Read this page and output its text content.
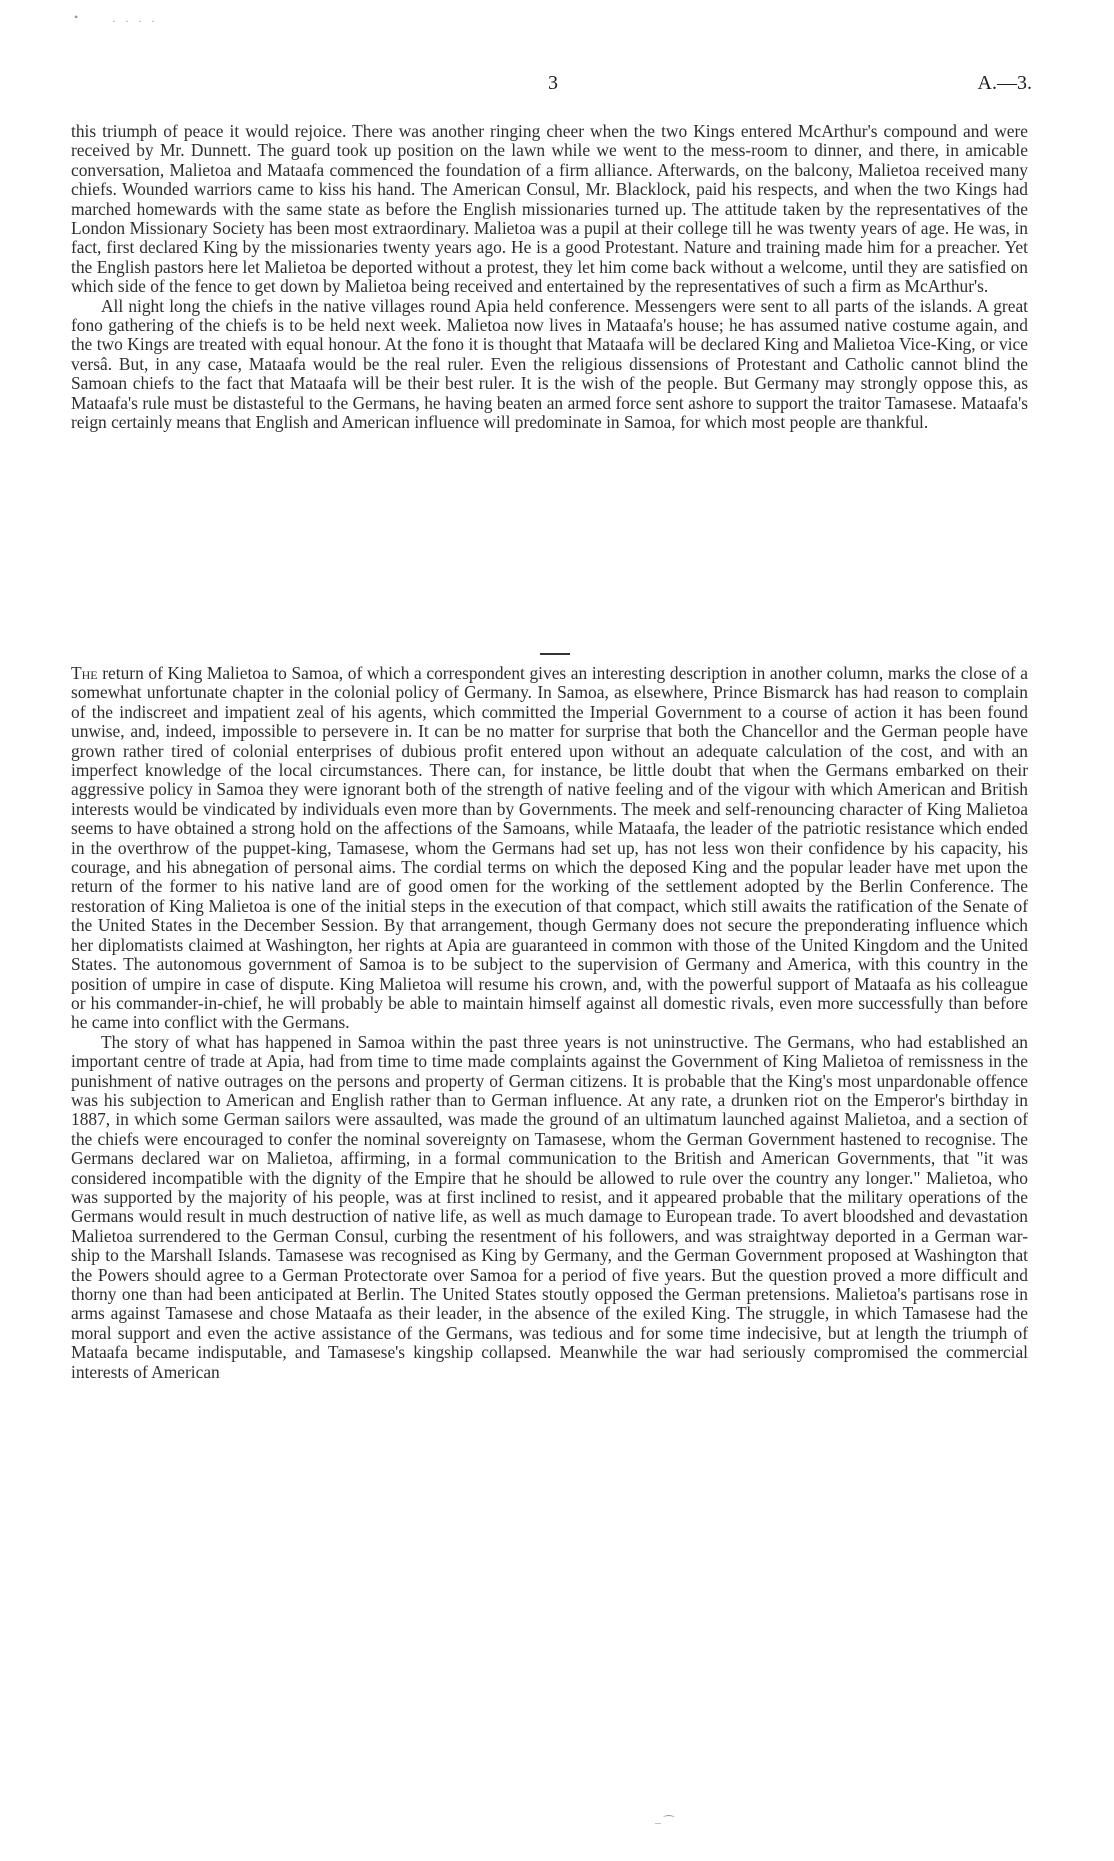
•	· · · ·
3	A.—3.

this triumph of peace it would rejoice. There was another ringing cheer when the two Kings entered McArthur's compound and were received by Mr. Dunnett. The guard took up position on the lawn while we went to the mess-room to dinner, and there, in amicable conversation, Malietoa and Mataafa commenced the foundation of a firm alliance. Afterwards, on the balcony, Malietoa received many chiefs. Wounded warriors came to kiss his hand. The American Consul, Mr. Blacklock, paid his respects, and when the two Kings had marched homewards with the same state as before the English missionaries turned up. The attitude taken by the representatives of the London Missionary Society has been most extraordinary. Malietoa was a pupil at their college till he was twenty years of age. He was, in fact, first declared King by the missionaries twenty years ago. He is a good Protestant. Nature and training made him for a preacher. Yet the English pastors here let Malietoa be deported without a protest, they let him come back without a welcome, until they are satisfied on which side of the fence to get down by Malietoa being received and entertained by the representatives of such a firm as McArthur's.

All night long the chiefs in the native villages round Apia held conference. Messengers were sent to all parts of the islands. A great fono gathering of the chiefs is to be held next week. Malietoa now lives in Mataafa's house; he has assumed native costume again, and the two Kings are treated with equal honour. At the fono it is thought that Mataafa will be declared King and Malietoa Vice-King, or vice versâ. But, in any case, Mataafa would be the real ruler. Even the religious dissensions of Protestant and Catholic cannot blind the Samoan chiefs to the fact that Mataafa will be their best ruler. It is the wish of the people. But Germany may strongly oppose this, as Mataafa's rule must be distasteful to the Germans, he having beaten an armed force sent ashore to support the traitor Tamasese. Mataafa's reign certainly means that English and American influence will predominate in Samoa, for which most people are thankful.

The return of King Malietoa to Samoa, of which a correspondent gives an interesting description in another column, marks the close of a somewhat unfortunate chapter in the colonial policy of Germany. In Samoa, as elsewhere, Prince Bismarck has had reason to complain of the indiscreet and impatient zeal of his agents, which committed the Imperial Government to a course of action it has been found unwise, and, indeed, impossible to persevere in. It can be no matter for surprise that both the Chancellor and the German people have grown rather tired of colonial enterprises of dubious profit entered upon without an adequate calculation of the cost, and with an imperfect knowledge of the local circumstances. There can, for instance, be little doubt that when the Germans embarked on their aggressive policy in Samoa they were ignorant both of the strength of native feeling and of the vigour with which American and British interests would be vindicated by individuals even more than by Governments. The meek and self-renouncing character of King Malietoa seems to have obtained a strong hold on the affections of the Samoans, while Mataafa, the leader of the patriotic resistance which ended in the overthrow of the puppet-king, Tamasese, whom the Germans had set up, has not less won their confidence by his capacity, his courage, and his abnegation of personal aims. The cordial terms on which the deposed King and the popular leader have met upon the return of the former to his native land are of good omen for the working of the settlement adopted by the Berlin Conference. The restoration of King Malietoa is one of the initial steps in the execution of that compact, which still awaits the ratification of the Senate of the United States in the December Session. By that arrangement, though Germany does not secure the preponderating influence which her diplomatists claimed at Washington, her rights at Apia are guaranteed in common with those of the United Kingdom and the United States. The autonomous government of Samoa is to be subject to the supervision of Germany and America, with this country in the position of umpire in case of dispute. King Malietoa will resume his crown, and, with the powerful support of Mataafa as his colleague or his commander-in-chief, he will probably be able to maintain himself against all domestic rivals, even more successfully than before he came into conflict with the Germans.

The story of what has happened in Samoa within the past three years is not uninstructive. The Germans, who had established an important centre of trade at Apia, had from time to time made complaints against the Government of King Malietoa of remissness in the punishment of native outrages on the persons and property of German citizens. It is probable that the King's most unpardonable offence was his subjection to American and English rather than to German influence. At any rate, a drunken riot on the Emperor's birthday in 1887, in which some German sailors were assaulted, was made the ground of an ultimatum launched against Malietoa, and a section of the chiefs were encouraged to confer the nominal sovereignty on Tamasese, whom the German Government hastened to recognise. The Germans declared war on Malietoa, affirming, in a formal communication to the British and American Governments, that "it was considered incompatible with the dignity of the Empire that he should be allowed to rule over the country any longer." Malietoa, who was supported by the majority of his people, was at first inclined to resist, and it appeared probable that the military operations of the Germans would result in much destruction of native life, as well as much damage to European trade. To avert bloodshed and devastation Malietoa surrendered to the German Consul, curbing the resentment of his followers, and was straightway deported in a German war-ship to the Marshall Islands. Tamasese was recognised as King by Germany, and the German Government proposed at Washington that the Powers should agree to a German Protectorate over Samoa for a period of five years. But the question proved a more difficult and thorny one than had been anticipated at Berlin. The United States stoutly opposed the German pretensions. Malietoa's partisans rose in arms against Tamasese and chose Mataafa as their leader, in the absence of the exiled King. The struggle, in which Tamasese had the moral support and even the active assistance of the Germans, was tedious and for some time indecisive, but at length the triumph of Mataafa became indisputable, and Tamasese's kingship collapsed. Meanwhile the war had seriously compromised the commercial interests of American

– ⁀
